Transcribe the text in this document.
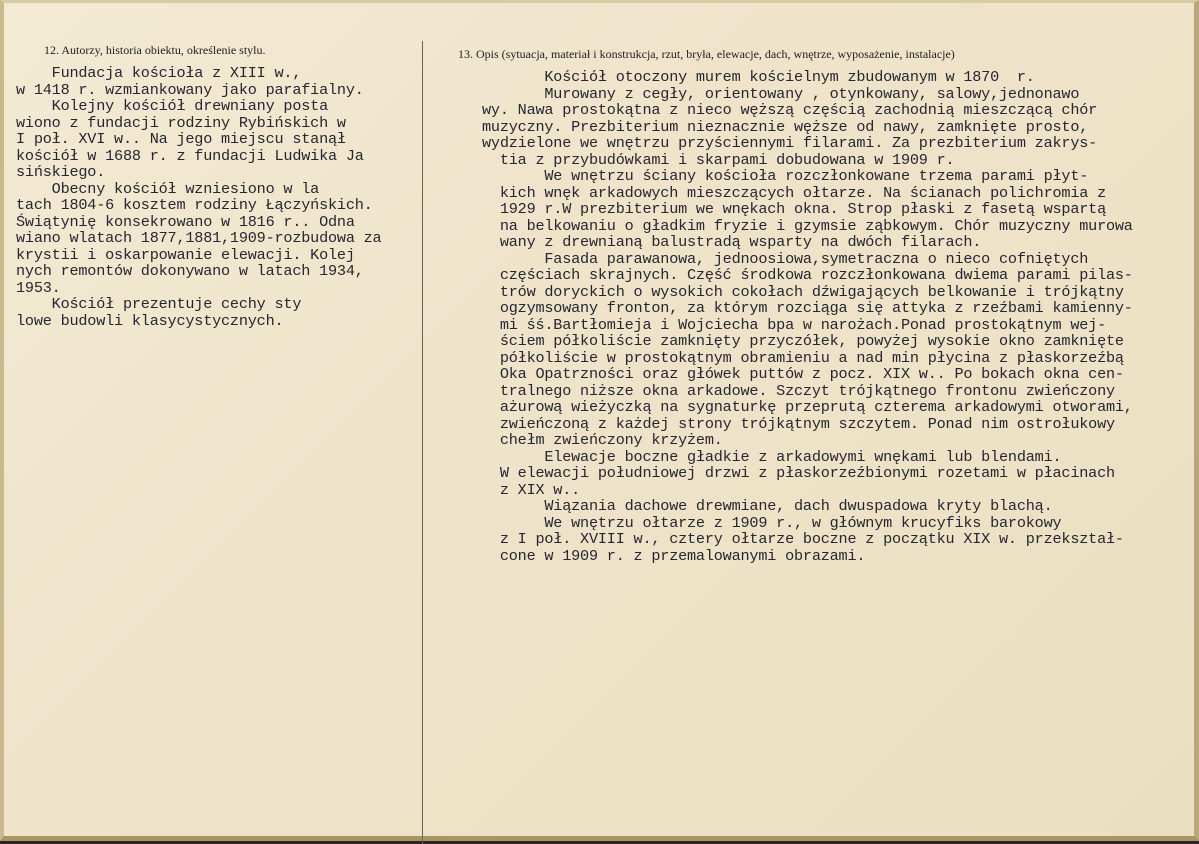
12. Autorzy, historia obiektu, określenie stylu.	13. Opis (sytuacja, materiał i konstrukcja, rzut, bryła, elewacje, dach, wnętrze, wyposażenie, instalacje)
Fundacja kościoła z XIII w.,
w 1418 r. wzmiankowany jako parafialny.
Kolejny kościół drewniany posta
wiono z fundacji rodziny Rybińskich w
I poł. XVI w.. Na jego miejscu stanął
kościół w 1688 r. z fundacji Ludwika Ja
sińskiego.
Obecny kościół wzniesiono w la
tach 1804-6 kosztem rodziny Łączyńskich.
Świątynię konsekrowano w 1816 r.. Odna
wiano wlatach 1877,1881,1909-rozbudowa za
krystii i oskarpowanie elewacji. Kolej
nych remontów dokonywano w latach 1934,
1953.
Kościół prezentuje cechy sty
lowe budowli klasycystycznych.
Kościół otoczony murem kościelnym zbudowanym w 1870  r.
Murowany z cegły, orientowany , otynkowany, salowy,jednonawo
wy. Nawa prostokątna z nieco węższą częścią zachodnią mieszczącą chór
muzyczny. Prezbiterium nieznacznie węższe od nawy, zamknięte prosto,
wydzielone we wnętrzu przyściennymi filarami. Za prezbiterium zakrys-
tia z przybudówkami i skarpami dobudowana w 1909 r.
We wnętrzu ściany kościoła rozczłonkowane trzema parami płyt-
kich wnęk arkadowych mieszczących ołtarze. Na ścianach polichromia z
1929 r.W prezbiterium we wnękach okna. Strop płaski z fasetą wspartą
na belkowaniu o gładkim fryzie i gzymsie ząbkowym. Chór muzyczny murowa
wany z drewnianą balustradą wsparty na dwóch filarach.
Fasada parawanowa, jednoosiowa,symetraczna o nieco cofniętych
częściach skrajnych. Część środkowa rozczłonkowana dwiema parami pilas-
trów doryckich o wysokich cokołach dźwigających belkowanie i trójkątny
ogzymsowany fronton, za którym rozciąga się attyka z rzeźbami kamienny-
mi śś.Bartłomieja i Wojciecha bpa w narożach.Ponad prostokątnym wej-
ściem półkoliście zamknięty przyczółek, powyżej wysokie okno zamknięte
półkoliście w prostokątnym obramieniu a nad min płycina z płaskorzeźbą
Oka Opatrzności oraz główek puttów z pocz. XIX w.. Po bokach okna cen-
tralnego niższe okna arkadowe. Szczyt trójkątnego frontonu zwieńczony
ażurową wieżyczką na sygnaturkę przeprutą czterema arkadowymi otworami,
zwieńczoną z każdej strony trójkątnym szczytem. Ponad nim ostrołukowy
chełm zwieńczony krzyżem.
Elewacje boczne gładkie z arkadowymi wnękami lub blendami.
W elewacji południowej drzwi z płaskorzeźbionymi rozetami w płacinach
z XIX w..
Wiązania dachowe drewmiane, dach dwuspadowa kryty blachą.
We wnętrzu ołtarze z 1909 r., w głównym krucyfiks barokowy
z I poł. XVIII w., cztery ołtarze boczne z początku XIX w. przekształ-
cone w 1909 r. z przemalowanymi obrazami.
